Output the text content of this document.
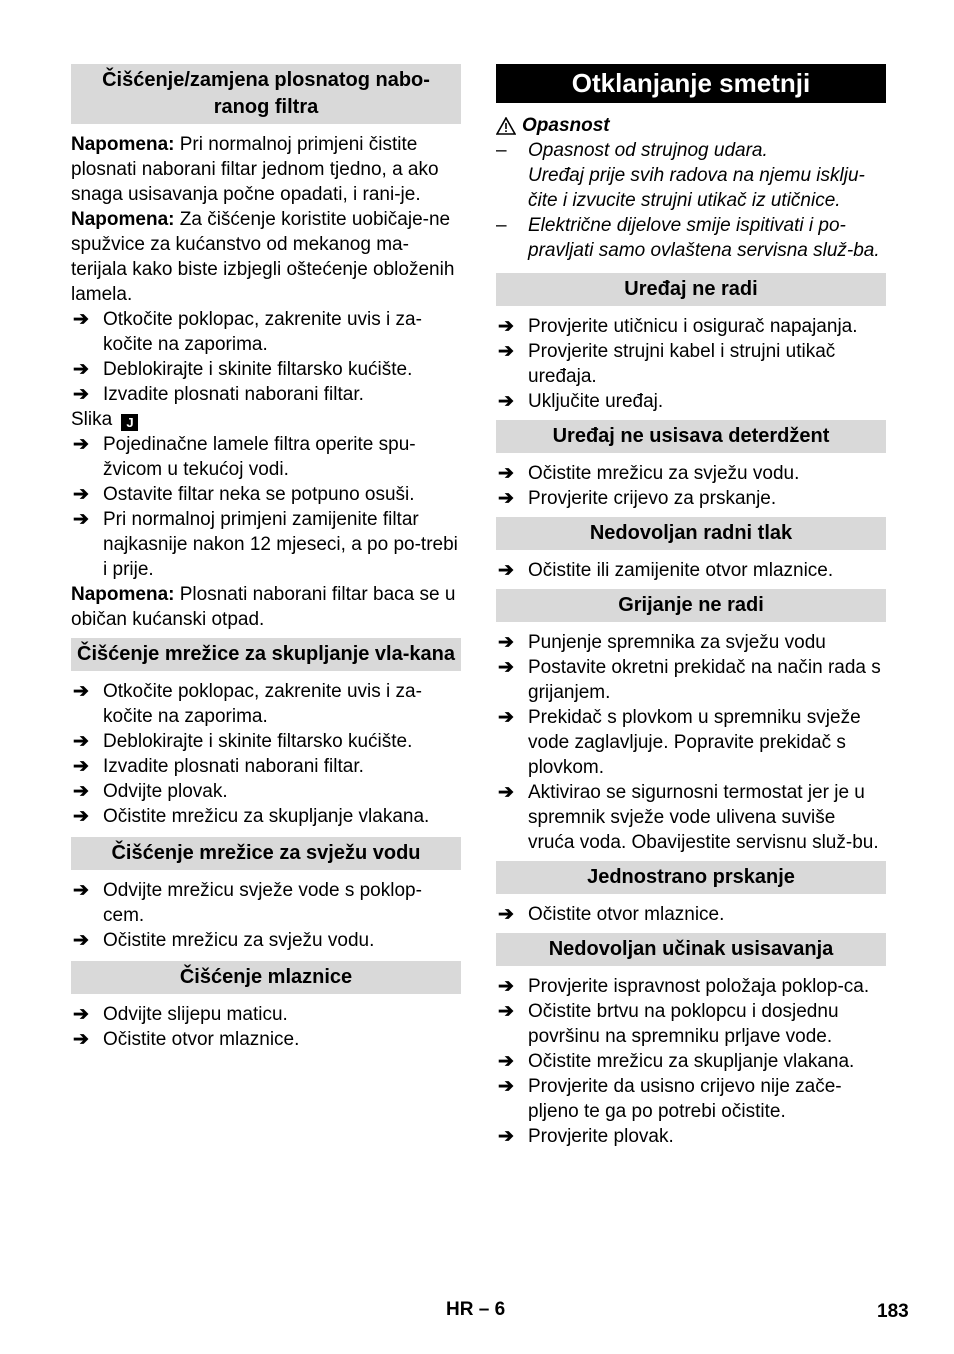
Čišćenje/zamjena plosnatog nabo-ranog filtra

Napomena: Pri normalnoj primjeni čistite plosnati naborani filtar jednom tjedno, a ako snaga usisavanja počne opadati, i rani-je.

Napomena: Za čišćenje koristite uobičaje-ne spužvice za kućanstvo od mekanog ma-terijala kako biste izbjegli oštećenje obloženih lamela.

➔ Otkočite poklopac, zakrenite uvis i za-kočite na zaporima.
➔ Deblokirajte i skinite filtarsko kućište.
➔ Izvadite plosnati naborani filtar.

Slika J

➔ Pojedinačne lamele filtra operite spu-žvicom u tekućoj vodi.
➔ Ostavite filtar neka se potpuno osuši.
➔ Pri normalnoj primjeni zamijenite filtar najkasnije nakon 12 mjeseci, a po po-trebi i prije.

Napomena: Plosnati naborani filtar baca se u običan kućanski otpad.

Čišćenje mrežice za skupljanje vla-kana
➔ Otkočite poklopac, zakrenite uvis i za-kočite na zaporima.
➔ Deblokirajte i skinite filtarsko kućište.
➔ Izvadite plosnati naborani filtar.
➔ Odvijte plovak.
➔ Očistite mrežicu za skupljanje vlakana.
Čišćenje mrežice za svježu vodu
➔ Odvijte mrežicu svježe vode s poklop-cem.
➔ Očistite mrežicu za svježu vodu.
Čišćenje mlaznice
➔ Odvijte slijepu maticu.
➔ Očistite otvor mlaznice.
Otklanjanje smetnji
Opasnost
– Opasnost od strujnog udara.
Uređaj prije svih radova na njemu isklju-čite i izvucite strujni utikač iz utičnice.
– Električne dijelove smije ispitivati i po-pravljati samo ovlaštena servisna služ-ba.
Uređaj ne radi
➔ Provjerite utičnicu i osigurač napajanja.
➔ Provjerite strujni kabel i strujni utikač uređaja.
➔ Uključite uređaj.
Uređaj ne usisava deterdžent
➔ Očistite mrežicu za svježu vodu.
➔ Provjerite crijevo za prskanje.
Nedovoljan radni tlak
➔ Očistite ili zamijenite otvor mlaznice.
Grijanje ne radi
➔ Punjenje spremnika za svježu vodu
➔ Postavite okretni prekidač na način rada s grijanjem.
➔ Prekidač s plovkom u spremniku svježe vode zaglavljuje. Popravite prekidač s plovkom.
➔ Aktivirao se sigurnosni termostat jer je u spremnik svježe vode ulivena suviše vruća voda. Obavijestite servisnu služ-bu.
Jednostrano prskanje
➔ Očistite otvor mlaznice.
Nedovoljan učinak usisavanja
➔ Provjerite ispravnost položaja poklop-ca.
➔ Očistite brtvu na poklopcu i dosjednu površinu na spremniku prljave vode.
➔ Očistite mrežicu za skupljanje vlakana.
➔ Provjerite da usisno crijevo nije zače-pljeno te ga po potrebi očistite.
➔ Provjerite plovak.
HR – 6	183
